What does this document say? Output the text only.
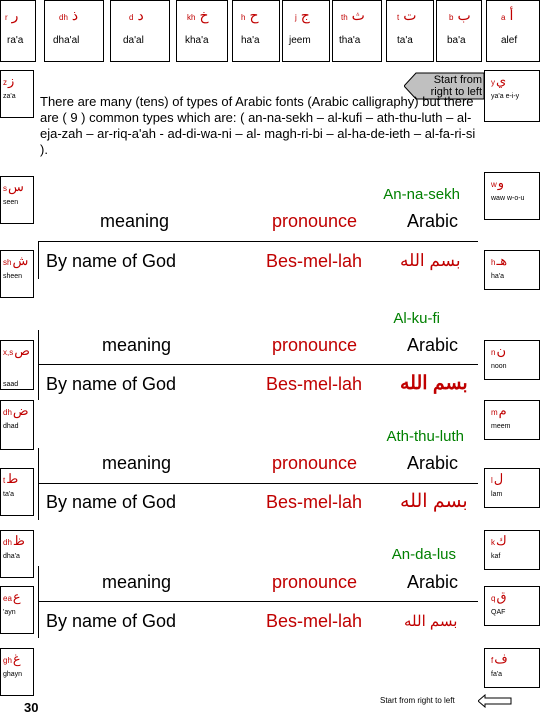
r ر
ra'a
dh ذ
dha'al
d د
da'al
kh خ
kha'a
h ح
ha'a
j ج
jeem
th ث
tha'a
t ت
ta'a
b ب
ba'a
a أ
alef
zز
za'a
sس
seen
shش
sheen
x,sص
saad
dhض
dhad
tط
ta'a
dhظ
dha'a
eaع
'ayn
ghغ
ghayn
yي
ya'a e-i-y
wو
waw w-o-u
hهـ
ha'a
nن
noon
mم
meem
lل
lam
kك
kaf
qق
QAF
fف
fa'a
Start from right to left
There are many (tens) of types of Arabic fonts (Arabic calligraphy) but there are ( 9 ) common types which are: ( an-na-sekh – al-kufi – ath-thu-luth – al-eja-zah – ar-riq-a'ah - ad-di-wa-ni – al- magh-ri-bi – al-ha-de-ieth – al-fa-ri-si ).
An-na-sekh
meaning	pronounce	Arabic
By name of God	Bes-mel-lah بسم الله
Al-ku-fi
meaning	pronounce	Arabic
By name of God	Bes-mel-lah بسم الله
Ath-thu-luth
meaning	pronounce	Arabic
By name of God	Bes-mel-lah بسم الله
An-da-lus
meaning	pronounce	Arabic
By name of God	Bes-mel-lah	بسم الله
30	Start from right to left
